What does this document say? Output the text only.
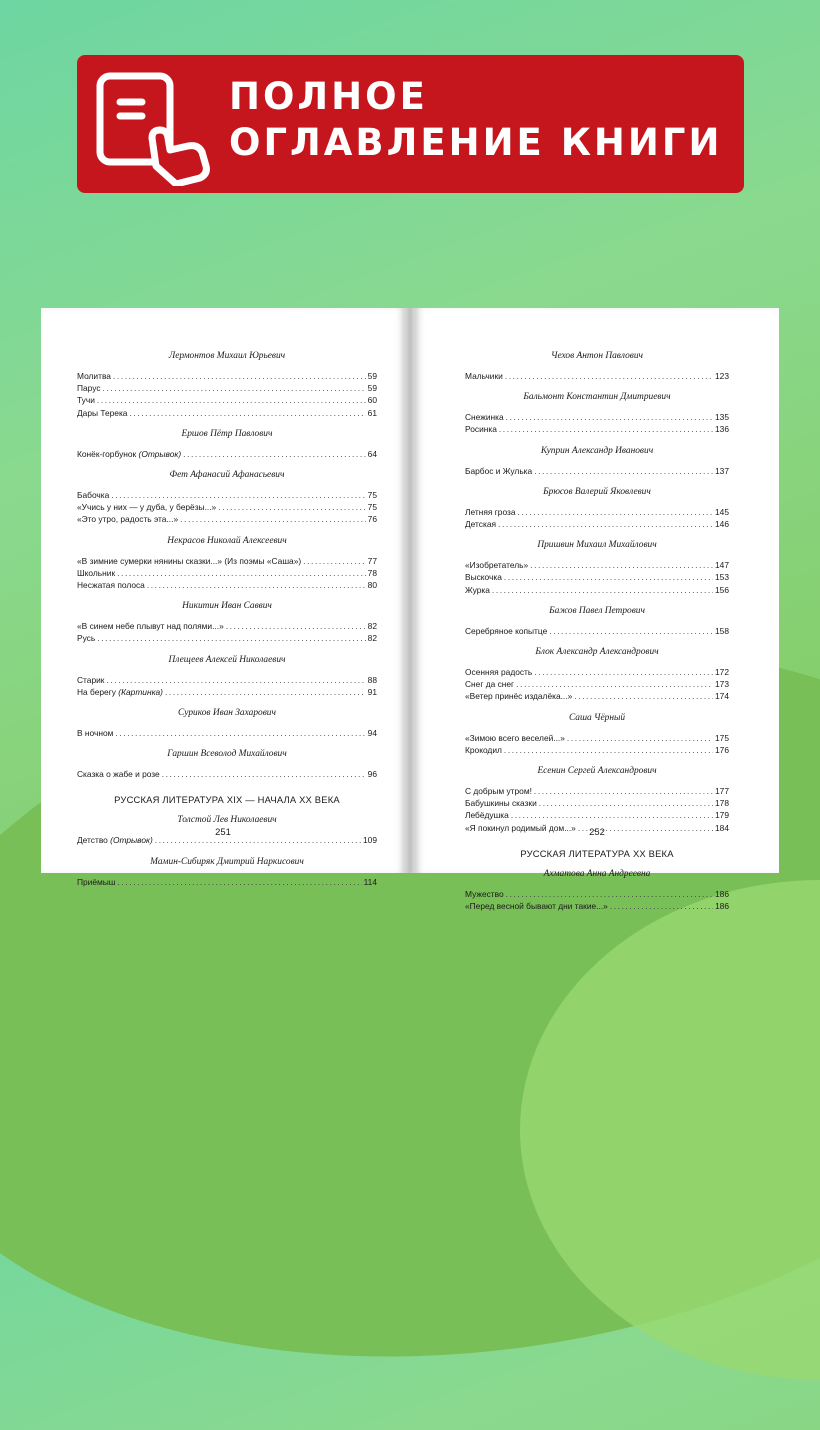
ПОЛНОЕ
ОГЛАВЛЕНИЕ КНИГИ

Лермонтов Михаил Юрьевич

Молитва .....	59
Парус .....	59
Тучи .....	60
Дары Терека .....	61

Ершов Пётр Павлович

Конёк-горбунок (Отрывок) .....	64

Фет Афанасий Афанасьевич

Бабочка .....	75
«Учись у них — у дуба, у берёзы...» .....	75
«Это утро, радость эта...» .....	76

Некрасов Николай Алексеевич

«В зимние сумерки нянины сказки...» (Из поэмы «Саша») .....	77
Школьник .....	78
Несжатая полоса .....	80

Никитин Иван Саввич

«В синем небе плывут над полями...» .....	82
Русь .....	82

Плещеев Алексей Николаевич

Старик .....	88
На берегу (Картинка) .....	91

Суриков Иван Захарович

В ночном .....	94

Гаршин Всеволод Михайлович

Сказка о жабе и розе .....	96

РУССКАЯ ЛИТЕРАТУРА XIX — НАЧАЛА XX ВЕКА

Толстой Лев Николаевич

Детство (Отрывок) .....	109

Мамин-Сибиряк Дмитрий Наркисович

Приёмыш .....	114
251

Чехов Антон Павлович

Мальчики .....	123

Бальмонт Константин Дмитриевич

Снежинка .....	135
Росинка .....	136

Куприн Александр Иванович

Барбос и Жулька .....	137

Брюсов Валерий Яковлевич

Летняя гроза .....	145
Детская .....	146

Пришвин Михаил Михайлович

«Изобретатель» .....	147
Выскочка .....	153
Журка .....	156

Бажов Павел Петрович

Серебряное копытце .....	158

Блок Александр Александрович

Осенняя радость .....	172
Снег да снег .....	173
«Ветер принёс издалёка...» .....	174

Саша Чёрный

«Зимою всего веселей...» .....	175
Крокодил .....	176

Есенин Сергей Александрович

С добрым утром! .....	177
Бабушкины сказки .....	178
Лебёдушка .....	179
«Я покинул родимый дом...» .....	184

РУССКАЯ ЛИТЕРАТУРА XX ВЕКА

Ахматова Анна Андреевна

Мужество .....	186
«Перед весной бывают дни такие...» .....	186
252
